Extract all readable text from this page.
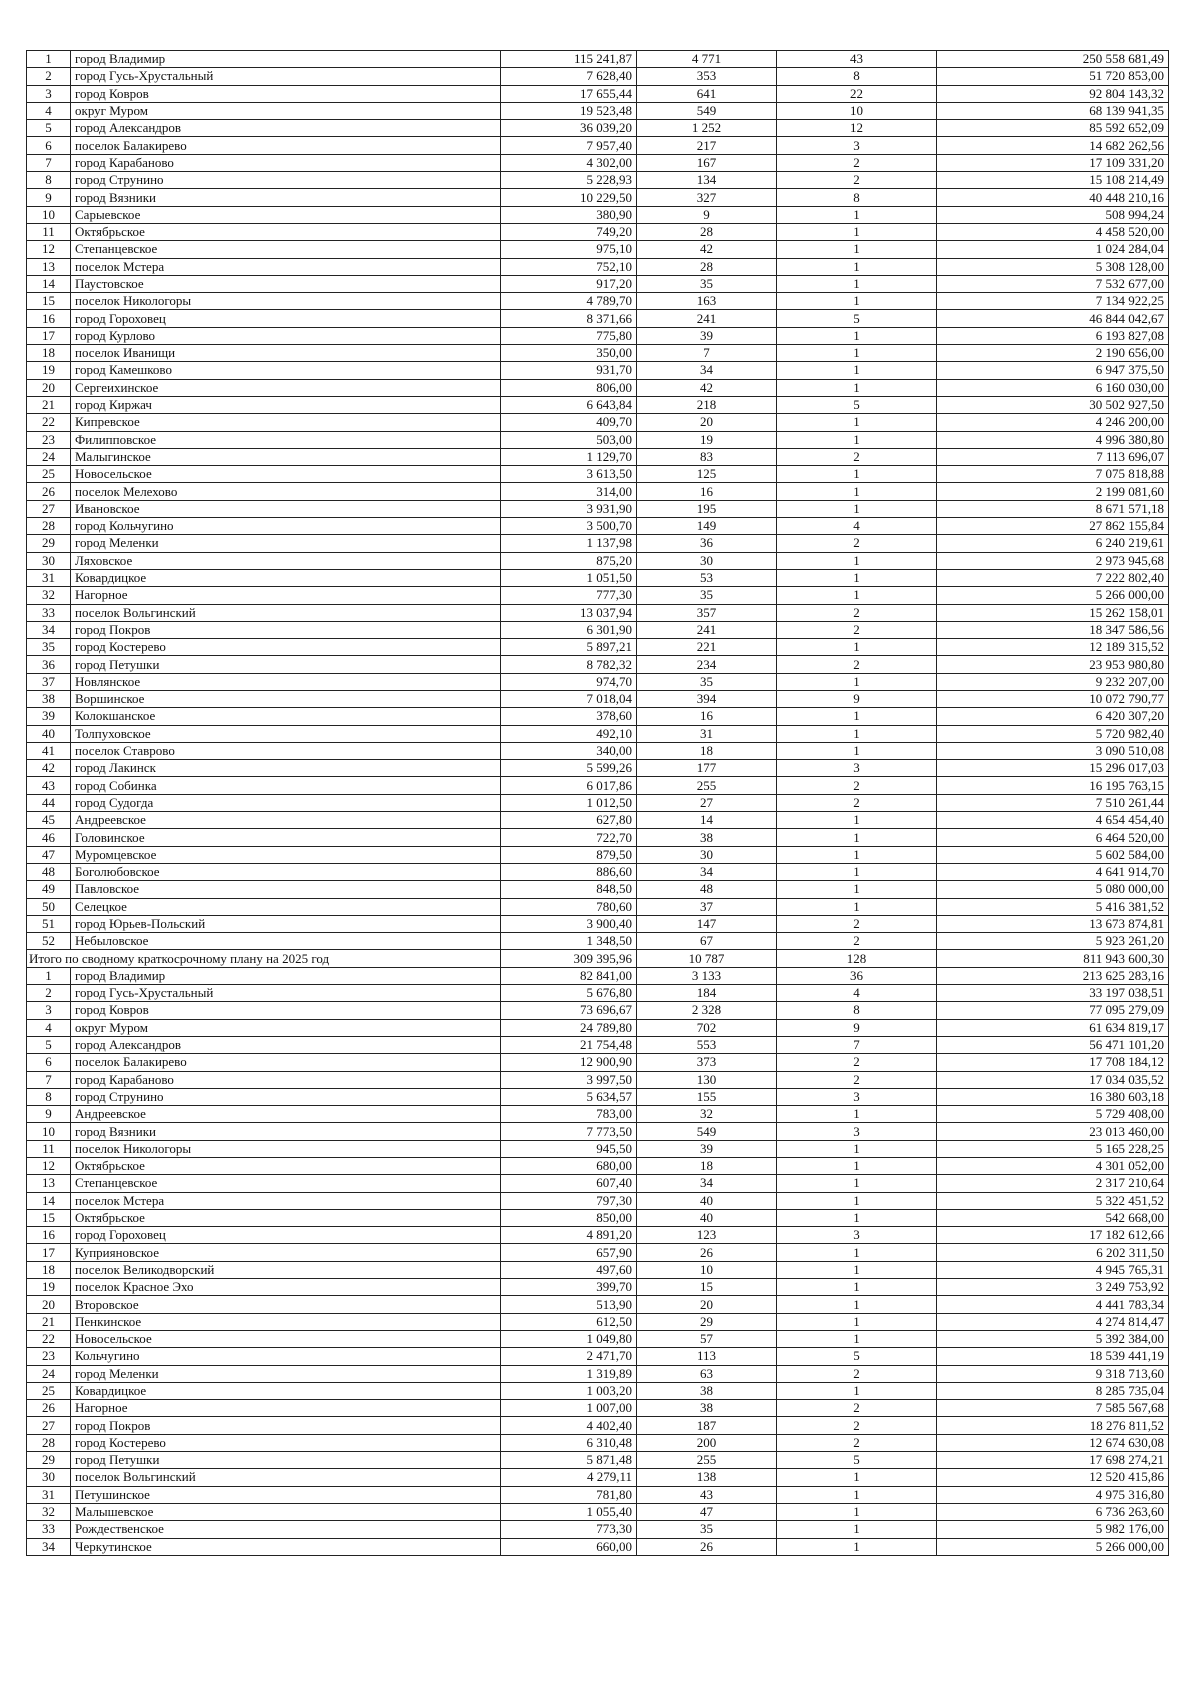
1	город Владимир	115 241,87	4 771	43	250 558 681,49
2	город Гусь-Хрустальный	7 628,40	353	8	51 720 853,00
3	город Ковров	17 655,44	641	22	92 804 143,32
4	округ Муром	19 523,48	549	10	68 139 941,35
5	город Александров	36 039,20	1 252	12	85 592 652,09
6	поселок Балакирево	7 957,40	217	3	14 682 262,56
7	город Карабаново	4 302,00	167	2	17 109 331,20
8	город Струнино	5 228,93	134	2	15 108 214,49
9	город Вязники	10 229,50	327	8	40 448 210,16
10	Сарыевское	380,90	9	1	508 994,24
11	Октябрьское	749,20	28	1	4 458 520,00
12	Степанцевское	975,10	42	1	1 024 284,04
13	поселок Мстера	752,10	28	1	5 308 128,00
14	Паустовское	917,20	35	1	7 532 677,00
15	поселок Никологоры	4 789,70	163	1	7 134 922,25
16	город Гороховец	8 371,66	241	5	46 844 042,67
17	город Курлово	775,80	39	1	6 193 827,08
18	поселок Иванищи	350,00	7	1	2 190 656,00
19	город Камешково	931,70	34	1	6 947 375,50
20	Сергеихинское	806,00	42	1	6 160 030,00
21	город Киржач	6 643,84	218	5	30 502 927,50
22	Кипревское	409,70	20	1	4 246 200,00
23	Филипповское	503,00	19	1	4 996 380,80
24	Малыгинское	1 129,70	83	2	7 113 696,07
25	Новосельское	3 613,50	125	1	7 075 818,88
26	поселок Мелехово	314,00	16	1	2 199 081,60
27	Ивановское	3 931,90	195	1	8 671 571,18
28	город Кольчугино	3 500,70	149	4	27 862 155,84
29	город Меленки	1 137,98	36	2	6 240 219,61
30	Ляховское	875,20	30	1	2 973 945,68
31	Ковардицкое	1 051,50	53	1	7 222 802,40
32	Нагорное	777,30	35	1	5 266 000,00
33	поселок Вольгинский	13 037,94	357	2	15 262 158,01
34	город Покров	6 301,90	241	2	18 347 586,56
35	город Костерево	5 897,21	221	1	12 189 315,52
36	город Петушки	8 782,32	234	2	23 953 980,80
37	Новлянское	974,70	35	1	9 232 207,00
38	Воршинское	7 018,04	394	9	10 072 790,77
39	Колокшанское	378,60	16	1	6 420 307,20
40	Толпуховское	492,10	31	1	5 720 982,40
41	поселок Ставрово	340,00	18	1	3 090 510,08
42	город Лакинск	5 599,26	177	3	15 296 017,03
43	город Собинка	6 017,86	255	2	16 195 763,15
44	город Судогда	1 012,50	27	2	7 510 261,44
45	Андреевское	627,80	14	1	4 654 454,40
46	Головинское	722,70	38	1	6 464 520,00
47	Муромцевское	879,50	30	1	5 602 584,00
48	Боголюбовское	886,60	34	1	4 641 914,70
49	Павловское	848,50	48	1	5 080 000,00
50	Селецкое	780,60	37	1	5 416 381,52
51	город Юрьев-Польский	3 900,40	147	2	13 673 874,81
52	Небыловское	1 348,50	67	2	5 923 261,20
Итого по сводному краткосрочному плану на 2025 год		309 395,96	10 787	128	811 943 600,30
1	город Владимир	82 841,00	3 133	36	213 625 283,16
2	город Гусь-Хрустальный	5 676,80	184	4	33 197 038,51
3	город Ковров	73 696,67	2 328	8	77 095 279,09
4	округ Муром	24 789,80	702	9	61 634 819,17
5	город Александров	21 754,48	553	7	56 471 101,20
6	поселок Балакирево	12 900,90	373	2	17 708 184,12
7	город Карабаново	3 997,50	130	2	17 034 035,52
8	город Струнино	5 634,57	155	3	16 380 603,18
9	Андреевское	783,00	32	1	5 729 408,00
10	город Вязники	7 773,50	549	3	23 013 460,00
11	поселок Никологоры	945,50	39	1	5 165 228,25
12	Октябрьское	680,00	18	1	4 301 052,00
13	Степанцевское	607,40	34	1	2 317 210,64
14	поселок Мстера	797,30	40	1	5 322 451,52
15	Октябрьское	850,00	40	1	542 668,00
16	город Гороховец	4 891,20	123	3	17 182 612,66
17	Куприяновское	657,90	26	1	6 202 311,50
18	поселок Великодворский	497,60	10	1	4 945 765,31
19	поселок Красное Эхо	399,70	15	1	3 249 753,92
20	Второвское	513,90	20	1	4 441 783,34
21	Пенкинское	612,50	29	1	4 274 814,47
22	Новосельское	1 049,80	57	1	5 392 384,00
23	Кольчугино	2 471,70	113	5	18 539 441,19
24	город Меленки	1 319,89	63	2	9 318 713,60
25	Ковардицкое	1 003,20	38	1	8 285 735,04
26	Нагорное	1 007,00	38	2	7 585 567,68
27	город Покров	4 402,40	187	2	18 276 811,52
28	город Костерево	6 310,48	200	2	12 674 630,08
29	город Петушки	5 871,48	255	5	17 698 274,21
30	поселок Вольгинский	4 279,11	138	1	12 520 415,86
31	Петушинское	781,80	43	1	4 975 316,80
32	Малышевское	1 055,40	47	1	6 736 263,60
33	Рождественское	773,30	35	1	5 982 176,00
34	Черкутинское	660,00	26	1	5 266 000,00
